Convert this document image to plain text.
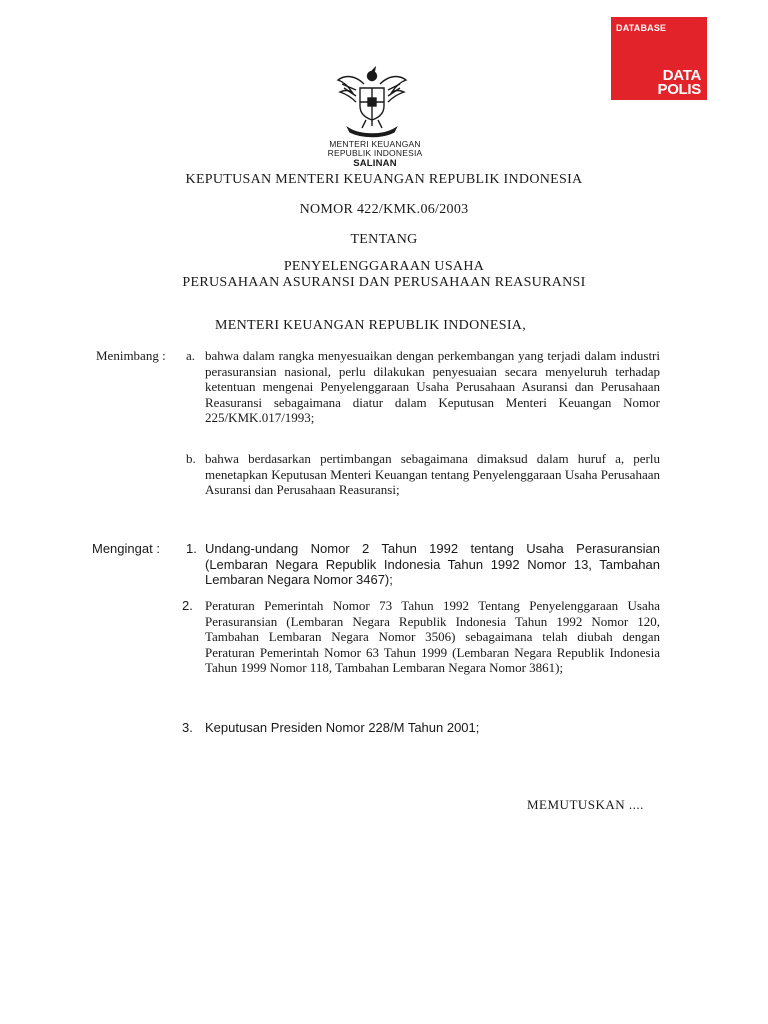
DATABASE
DATA
POLIS
MENTERI KEUANGAN
REPUBLIK INDONESIA
SALINAN
KEPUTUSAN MENTERI KEUANGAN REPUBLIK INDONESIA
NOMOR 422/KMK.06/2003
TENTANG
PENYELENGGARAAN USAHA
PERUSAHAAN ASURANSI DAN PERUSAHAAN REASURANSI
MENTERI KEUANGAN REPUBLIK INDONESIA,
Menimbang : a. bahwa dalam rangka menyesuaikan dengan perkembangan yang terjadi dalam industri perasuransian nasional, perlu dilakukan penyesuaian secara menyeluruh terhadap ketentuan mengenai Penyelenggaraan Usaha Perusahaan Asuransi dan Perusahaan Reasuransi sebagaimana diatur dalam Keputusan Menteri Keuangan Nomor 225/KMK.017/1993;
b. bahwa berdasarkan pertimbangan sebagaimana dimaksud dalam huruf a, perlu menetapkan Keputusan Menteri Keuangan tentang Penyelenggaraan Usaha Perusahaan Asuransi dan Perusahaan Reasuransi;
Mengingat : 1. Undang-undang Nomor 2 Tahun 1992 tentang Usaha Perasuransian (Lembaran Negara Republik Indonesia Tahun 1992 Nomor 13, Tambahan Lembaran Negara Nomor 3467);
2. Peraturan Pemerintah Nomor 73 Tahun 1992 Tentang Penyelenggaraan Usaha Perasuransian (Lembaran Negara Republik Indonesia Tahun 1992 Nomor 120, Tambahan Lembaran Negara Nomor 3506) sebagaimana telah diubah dengan Peraturan Pemerintah Nomor 63 Tahun 1999 (Lembaran Negara Republik Indonesia Tahun 1999 Nomor 118, Tambahan Lembaran Negara Nomor 3861);
3. Keputusan Presiden Nomor 228/M Tahun 2001;
MEMUTUSKAN ....
